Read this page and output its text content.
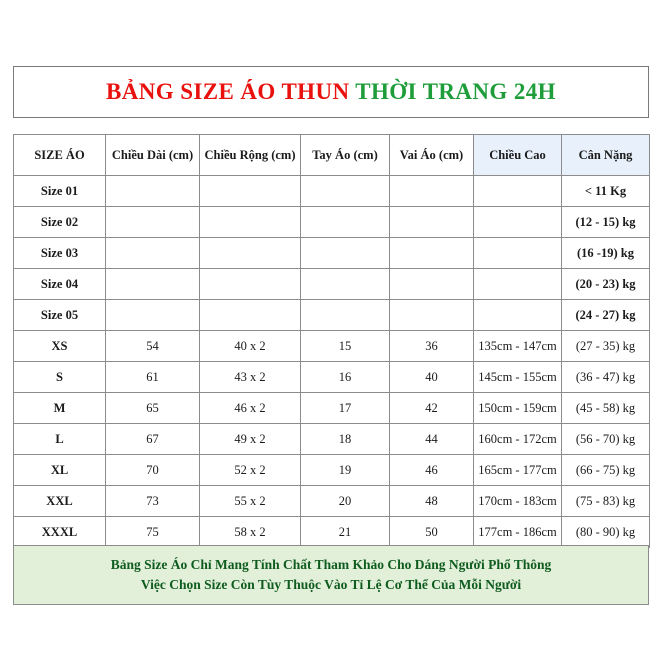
BẢNG SIZE ÁO THUN THỜI TRANG 24H
SIZE ÁO	Chiều Dài (cm)	Chiều Rộng (cm)	Tay Áo (cm)	Vai Áo (cm)	Chiều Cao	Cân Nặng
Size 01						< 11 Kg
Size 02						(12 - 15) kg
Size 03						(16 -19) kg
Size 04						(20 - 23) kg
Size 05						(24 - 27) kg
XS	54	40 x 2	15	36	135cm - 147cm	(27 - 35) kg
S	61	43 x 2	16	40	145cm - 155cm	(36 - 47) kg
M	65	46 x 2	17	42	150cm - 159cm	(45 - 58) kg
L	67	49 x 2	18	44	160cm - 172cm	(56 - 70) kg
XL	70	52 x 2	19	46	165cm - 177cm	(66 - 75) kg
XXL	73	55 x 2	20	48	170cm - 183cm	(75 - 83) kg
XXXL	75	58 x 2	21	50	177cm - 186cm	(80 - 90) kg
Bảng Size Áo Chỉ Mang Tính Chất Tham Khảo Cho Dáng Người Phổ Thông
Việc Chọn Size Còn Tùy Thuộc Vào Tỉ Lệ Cơ Thể Của Mỗi Người
